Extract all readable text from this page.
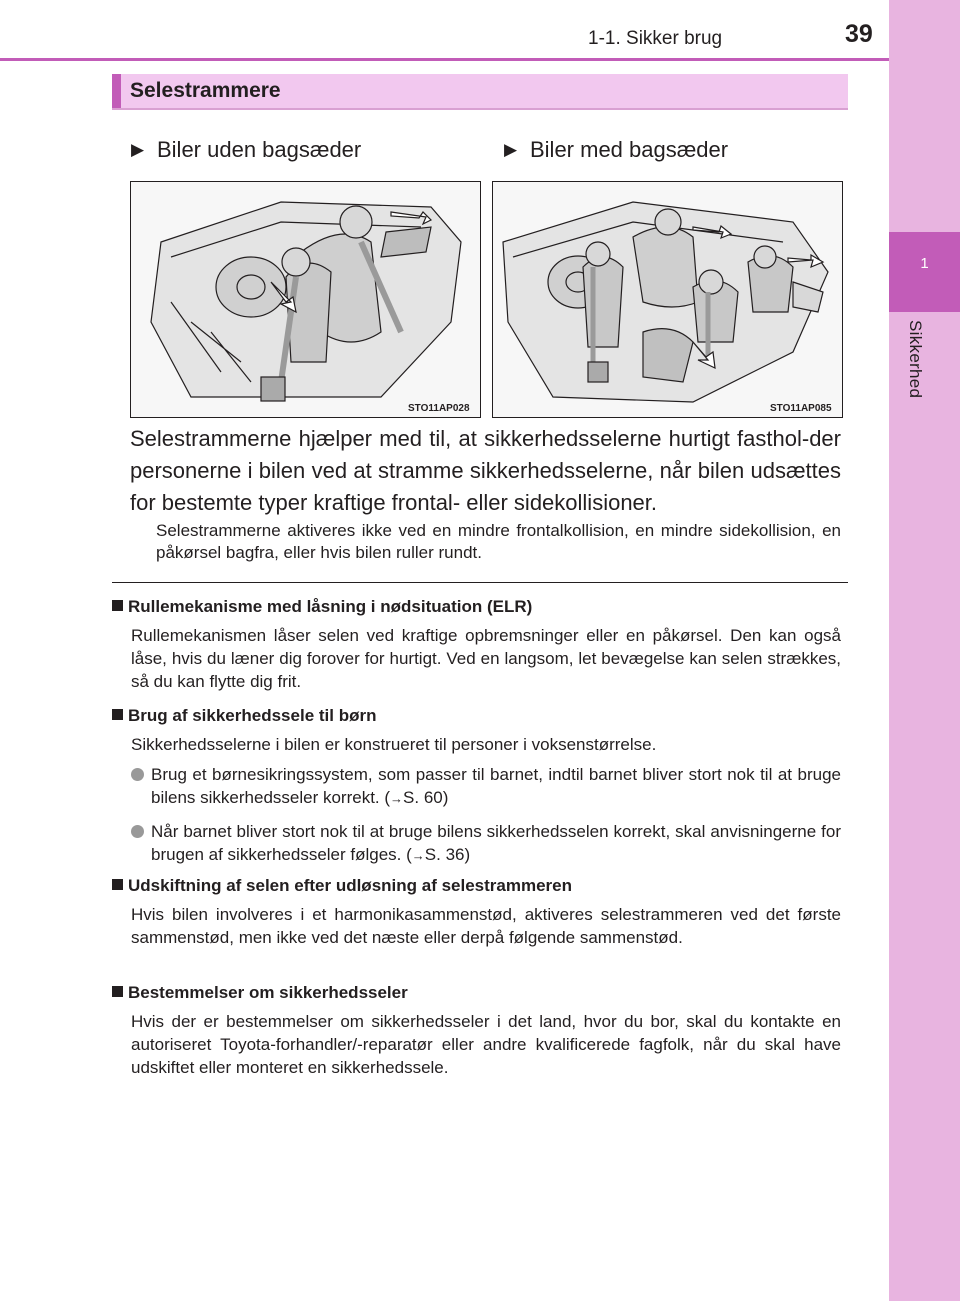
1
Sikkerhed
1-1. Sikker brug	39
Selestrammere
▶ Biler uden bagsæder	▶ Biler med bagsæder
STO11AP028	STO11AP085
Selestrammerne hjælper med til, at sikkerhedsselerne hurtigt fasthol-der personerne i bilen ved at stramme sikkerhedsselerne, når bilen udsættes for bestemte typer kraftige frontal- eller sidekollisioner.
Selestrammerne aktiveres ikke ved en mindre frontalkollision, en mindre sidekollision, en påkørsel bagfra, eller hvis bilen ruller rundt.
Rullemekanisme med låsning i nødsituation (ELR)
Rullemekanismen låser selen ved kraftige opbremsninger eller en påkørsel. Den kan også låse, hvis du læner dig forover for hurtigt. Ved en langsom, let bevægelse kan selen strækkes, så du kan flytte dig frit.
Brug af sikkerhedssele til børn
Sikkerhedsselerne i bilen er konstrueret til personer i voksenstørrelse.
Brug et børnesikringssystem, som passer til barnet, indtil barnet bliver stort nok til at bruge bilens sikkerhedsseler korrekt. (→S. 60)
Når barnet bliver stort nok til at bruge bilens sikkerhedsselen korrekt, skal anvisningerne for brugen af sikkerhedsseler følges. (→S. 36)
Udskiftning af selen efter udløsning af selestrammeren
Hvis bilen involveres i et harmonikasammenstød, aktiveres selestrammeren ved det første sammenstød, men ikke ved det næste eller derpå følgende sammenstød.
Bestemmelser om sikkerhedsseler
Hvis der er bestemmelser om sikkerhedsseler i det land, hvor du bor, skal du kontakte en autoriseret Toyota-forhandler/-reparatør eller andre kvalificerede fagfolk, når du skal have udskiftet eller monteret en sikkerhedssele.
